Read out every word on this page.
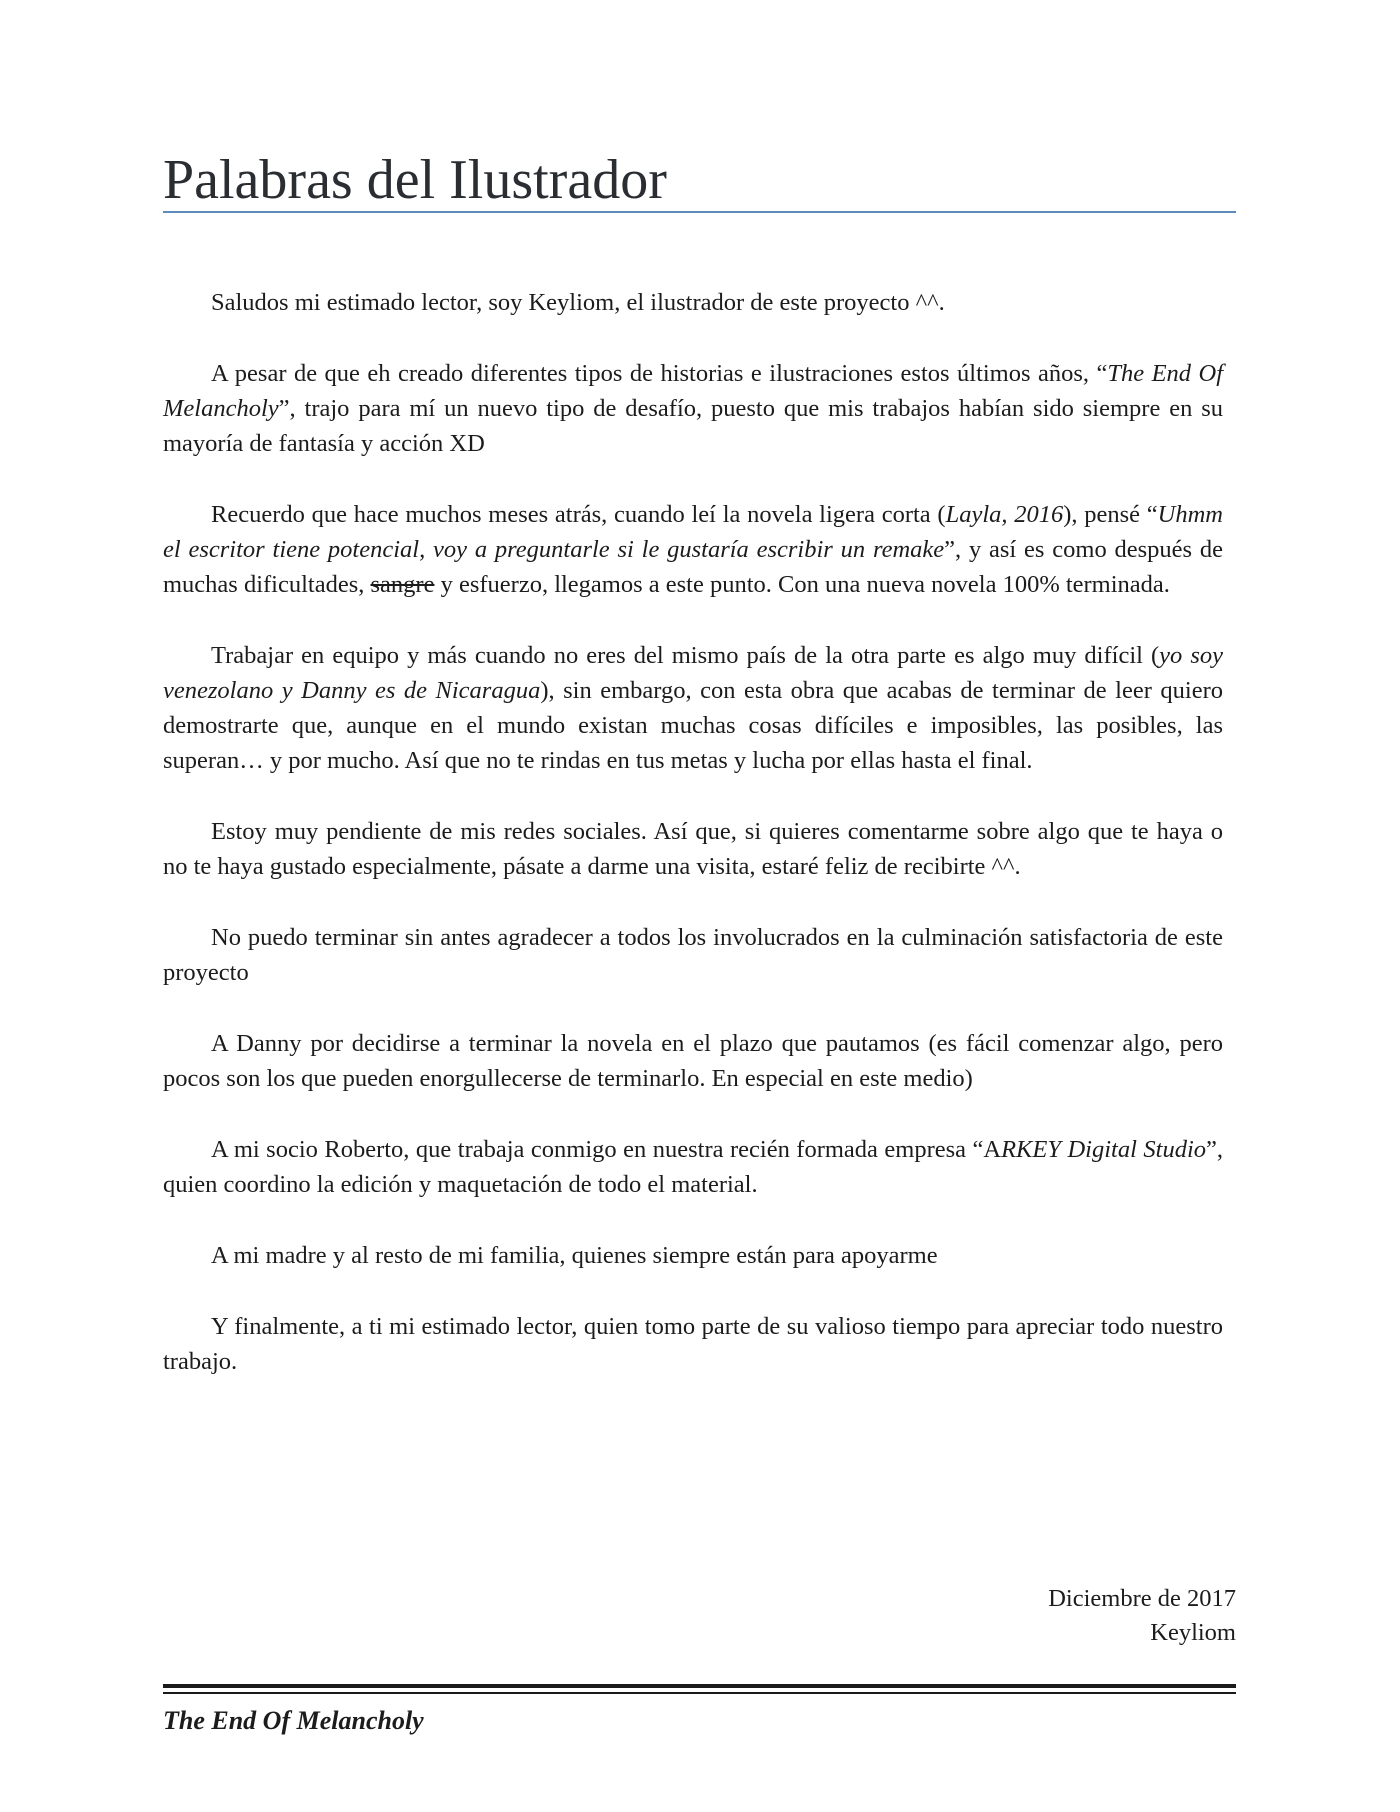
Palabras del Ilustrador

Saludos mi estimado lector, soy Keyliom, el ilustrador de este proyecto ^^.

A pesar de que eh creado diferentes tipos de historias e ilustraciones estos últimos años, “The End Of Melancholy”, trajo para mí un nuevo tipo de desafío, puesto que mis trabajos habían sido siempre en su mayoría de fantasía y acción XD

Recuerdo que hace muchos meses atrás, cuando leí la novela ligera corta (Layla, 2016), pensé “Uhmm el escritor tiene potencial, voy a preguntarle si le gustaría escribir un remake”, y así es como después de muchas dificultades, sangre y esfuerzo, llegamos a este punto. Con una nueva novela 100% terminada.

Trabajar en equipo y más cuando no eres del mismo país de la otra parte es algo muy difícil (yo soy venezolano y Danny es de Nicaragua), sin embargo, con esta obra que acabas de terminar de leer quiero demostrarte que, aunque en el mundo existan muchas cosas difíciles e imposibles, las posibles, las superan… y por mucho. Así que no te rindas en tus metas y lucha por ellas hasta el final.

Estoy muy pendiente de mis redes sociales. Así que, si quieres comentarme sobre algo que te haya o no te haya gustado especialmente, pásate a darme una visita, estaré feliz de recibirte ^^.

No puedo terminar sin antes agradecer a todos los involucrados en la culminación satisfactoria de este proyecto

A Danny por decidirse a terminar la novela en el plazo que pautamos (es fácil comenzar algo, pero pocos son los que pueden enorgullecerse de terminarlo. En especial en este medio)

A mi socio Roberto, que trabaja conmigo en nuestra recién formada empresa “ARKEY Digital Studio”, quien coordino la edición y maquetación de todo el material.

A mi madre y al resto de mi familia, quienes siempre están para apoyarme

Y finalmente, a ti mi estimado lector, quien tomo parte de su valioso tiempo para apreciar todo nuestro trabajo.

Diciembre de 2017
Keyliom
The End Of Melancholy
